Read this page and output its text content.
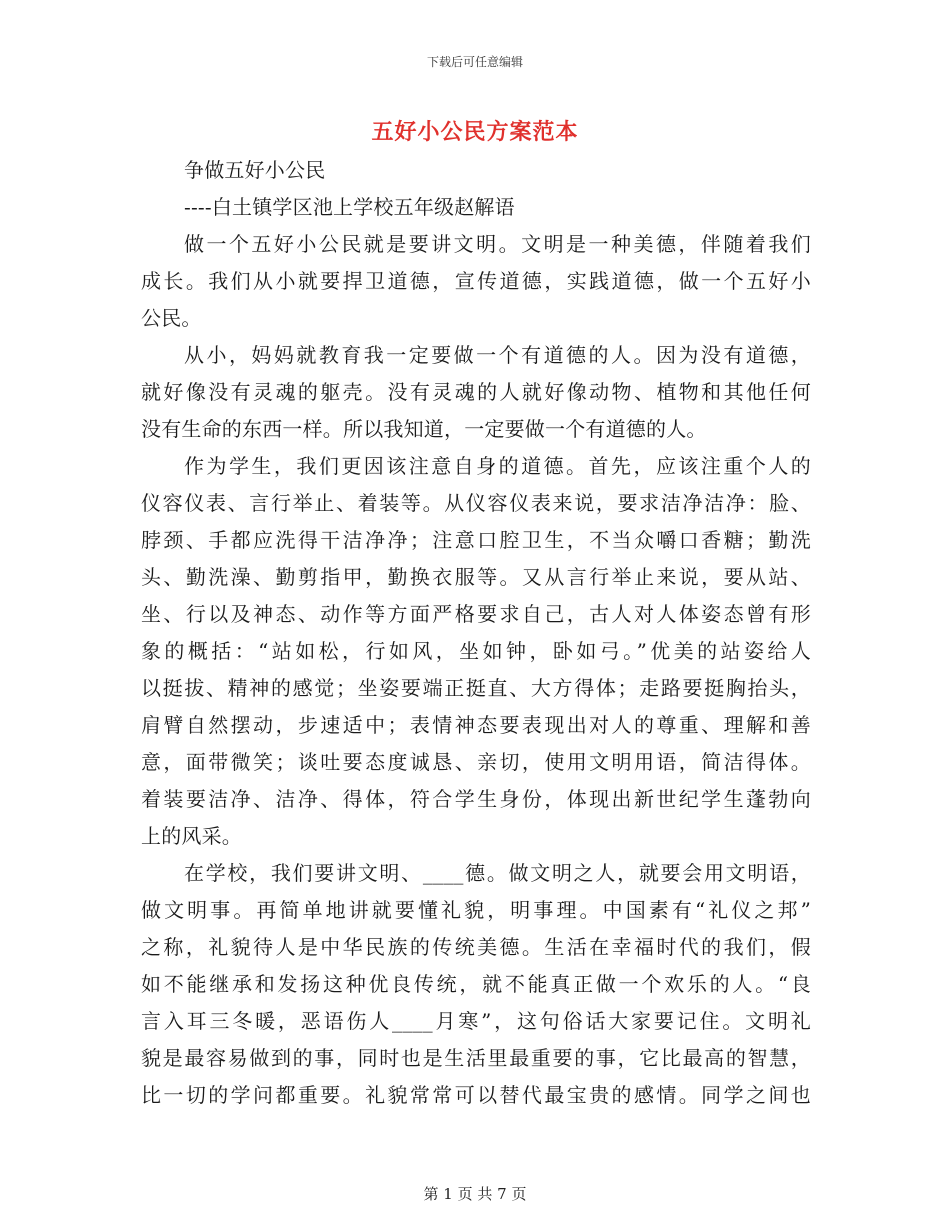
下载后可任意编辑
五好小公民方案范本
争做五好小公民
----白土镇学区池上学校五年级赵解语
做一个五好小公民就是要讲文明。文明是一种美德，伴随着我们
成长。我们从小就要捍卫道德，宣传道德，实践道德，做一个五好小
公民。
从小，妈妈就教育我一定要做一个有道德的人。因为没有道德，
就好像没有灵魂的躯壳。没有灵魂的人就好像动物、植物和其他任何
没有生命的东西一样。所以我知道，一定要做一个有道德的人。
作为学生，我们更因该注意自身的道德。首先，应该注重个人的
仪容仪表、言行举止、着装等。从仪容仪表来说，要求洁净洁净：脸、
脖颈、手都应洗得干洁净净；注意口腔卫生，不当众嚼口香糖；勤洗
头、勤洗澡、勤剪指甲，勤换衣服等。又从言行举止来说，要从站、
坐、行以及神态、动作等方面严格要求自己，古人对人体姿态曾有形
象的概括：“站如松，行如风，坐如钟，卧如弓。”优美的站姿给人
以挺拔、精神的感觉；坐姿要端正挺直、大方得体；走路要挺胸抬头，
肩臂自然摆动，步速适中；表情神态要表现出对人的尊重、理解和善
意，面带微笑；谈吐要态度诚恳、亲切，使用文明用语，简洁得体。
着装要洁净、洁净、得体，符合学生身份，体现出新世纪学生蓬勃向
上的风采。
在学校，我们要讲文明、____德。做文明之人，就要会用文明语，
做文明事。再简单地讲就要懂礼貌，明事理。中国素有“礼仪之邦”
之称，礼貌待人是中华民族的传统美德。生活在幸福时代的我们，假
如不能继承和发扬这种优良传统，就不能真正做一个欢乐的人。“良
言入耳三冬暖，恶语伤人____月寒”，这句俗话大家要记住。文明礼
貌是最容易做到的事，同时也是生活里最重要的事，它比最高的智慧，
比一切的学问都重要。礼貌常常可以替代最宝贵的感情。同学之间也
第 1 页 共 7 页
